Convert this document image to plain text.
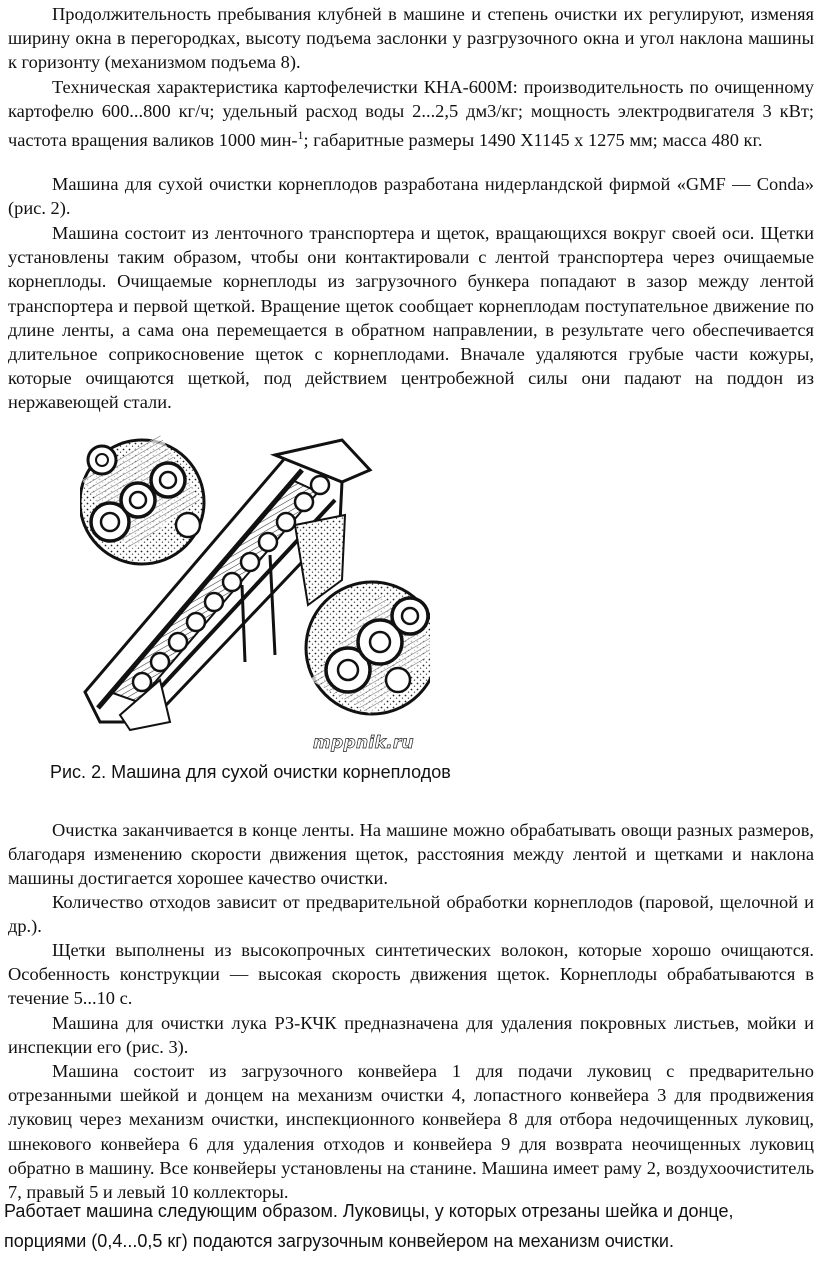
Продолжительность пребывания клубней в машине и степень очистки их регулируют, изменяя ширину окна в перегородках, высоту подъема заслонки у разгрузочного окна и угол наклона машины к горизонту (механизмом подъема 8).

Техническая характеристика картофелечистки КНА-600М: производительность по очищенному картофелю 600...800 кг/ч; удельный расход воды 2...2,5 дм3/кг; мощность электродвигателя 3 кВт; частота вращения валиков 1000 мин-$^1$; габаритные размеры 1490 Х1145 х 1275 мм; масса 480 кг.

Машина для сухой очистки корнеплодов разработана нидерландской фирмой «GMF — Conda» (рис. 2).

Машина состоит из ленточного транспортера и щеток, вращающихся вокруг своей оси. Щетки установлены таким образом, чтобы они контактировали с лентой транспортера через очищаемые корнеплоды. Очищаемые корнеплоды из загрузочного бункера попадают в зазор между лентой транспортера и первой щеткой. Вращение щеток сообщает корнеплодам поступательное движение по длине ленты, а сама она перемещается в обратном направлении, в результате чего обеспечивается длительное соприкосновение щеток с корнеплодами. Вначале удаляются грубые части кожуры, которые очищаются щеткой, под действием центробежной силы они падают на поддон из нержавеющей стали.

mppnik.ru

Рис. 2. Машина для сухой очистки корнеплодов

Очистка заканчивается в конце ленты. На машине можно обрабатывать овощи разных размеров, благодаря изменению скорости движения щеток, расстояния между лентой и щетками и наклона машины достигается хорошее качество очистки.

Количество отходов зависит от предварительной обработки корнеплодов (паровой, щелочной и др.).

Щетки выполнены из высокопрочных синтетических волокон, которые хорошо очищаются. Особенность конструкции — высокая скорость движения щеток. Корнеплоды обрабатываются в течение 5...10 с.

Машина для очистки лука РЗ-КЧК предназначена для удаления покровных листьев, мойки и инспекции его (рис. 3).

Машина состоит из загрузочного конвейера 1 для подачи луковиц с предварительно отрезанными шейкой и донцем на механизм очистки 4, лопастного конвейера 3 для продвижения луковиц через механизм очистки, инспекционного конвейера 8 для отбора недочищенных луковиц, шнекового конвейера 6 для удаления отходов и конвейера 9 для возврата неочищенных луковиц обратно в машину. Все конвейеры установлены на станине. Машина имеет раму 2, воздухоочиститель 7, правый 5 и левый 10 коллекторы.

Работает машина следующим образом. Луковицы, у которых отрезаны шейка и донце, порциями (0,4...0,5 кг) подаются загрузочным конвейером на механизм очистки.
